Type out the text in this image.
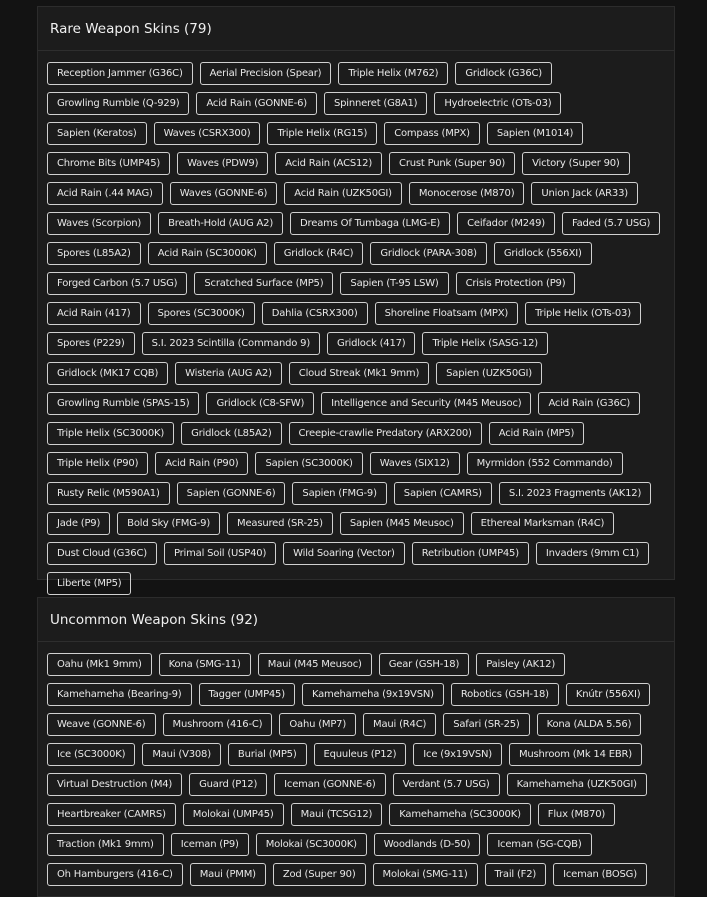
Rare Weapon Skins (79)
Reception Jammer (G36C)	Aerial Precision (Spear)	Triple Helix (M762)	Gridlock (G36C)
Growling Rumble (Q-929)	Acid Rain (GONNE-6)	Spinneret (G8A1)	Hydroelectric (OTs-03)
Sapien (Keratos)	Waves (CSRX300)	Triple Helix (RG15)	Compass (MPX)	Sapien (M1014)
Chrome Bits (UMP45)	Waves (PDW9)	Acid Rain (ACS12)	Crust Punk (Super 90)	Victory (Super 90)
Acid Rain (.44 MAG)	Waves (GONNE-6)	Acid Rain (UZK50GI)	Monocerose (M870)	Union Jack (AR33)
Waves (Scorpion)	Breath-Hold (AUG A2)	Dreams Of Tumbaga (LMG-E)	Ceifador (M249)	Faded (5.7 USG)
Spores (L85A2)	Acid Rain (SC3000K)	Gridlock (R4C)	Gridlock (PARA-308)	Gridlock (556XI)
Forged Carbon (5.7 USG)	Scratched Surface (MP5)	Sapien (T-95 LSW)	Crisis Protection (P9)
Acid Rain (417)	Spores (SC3000K)	Dahlia (CSRX300)	Shoreline Floatsam (MPX)	Triple Helix (OTs-03)
Spores (P229)	S.I. 2023 Scintilla (Commando 9)	Gridlock (417)	Triple Helix (SASG-12)
Gridlock (MK17 CQB)	Wisteria (AUG A2)	Cloud Streak (Mk1 9mm)	Sapien (UZK50GI)
Growling Rumble (SPAS-15)	Gridlock (C8-SFW)	Intelligence and Security (M45 Meusoc)	Acid Rain (G36C)
Triple Helix (SC3000K)	Gridlock (L85A2)	Creepie-crawlie Predatory (ARX200)	Acid Rain (MP5)
Triple Helix (P90)	Acid Rain (P90)	Sapien (SC3000K)	Waves (SIX12)	Myrmidon (552 Commando)
Rusty Relic (M590A1)	Sapien (GONNE-6)	Sapien (FMG-9)	Sapien (CAMRS)	S.I. 2023 Fragments (AK12)
Jade (P9)	Bold Sky (FMG-9)	Measured (SR-25)	Sapien (M45 Meusoc)	Ethereal Marksman (R4C)
Dust Cloud (G36C)	Primal Soil (USP40)	Wild Soaring (Vector)	Retribution (UMP45)	Invaders (9mm C1)
Liberte (MP5)
Uncommon Weapon Skins (92)
Oahu (Mk1 9mm)	Kona (SMG-11)	Maui (M45 Meusoc)	Gear (GSH-18)	Paisley (AK12)
Kamehameha (Bearing-9)	Tagger (UMP45)	Kamehameha (9x19VSN)	Robotics (GSH-18)	Knútr (556XI)
Weave (GONNE-6)	Mushroom (416-C)	Oahu (MP7)	Maui (R4C)	Safari (SR-25)	Kona (ALDA 5.56)
Ice (SC3000K)	Maui (V308)	Burial (MP5)	Equuleus (P12)	Ice (9x19VSN)	Mushroom (Mk 14 EBR)
Virtual Destruction (M4)	Guard (P12)	Iceman (GONNE-6)	Verdant (5.7 USG)	Kamehameha (UZK50GI)
Heartbreaker (CAMRS)	Molokai (UMP45)	Maui (TCSG12)	Kamehameha (SC3000K)	Flux (M870)
Traction (Mk1 9mm)	Iceman (P9)	Molokai (SC3000K)	Woodlands (D-50)	Iceman (SG-CQB)
Oh Hamburgers (416-C)	Maui (PMM)	Zod (Super 90)	Molokai (SMG-11)	Trail (F2)	Iceman (BOSG)
